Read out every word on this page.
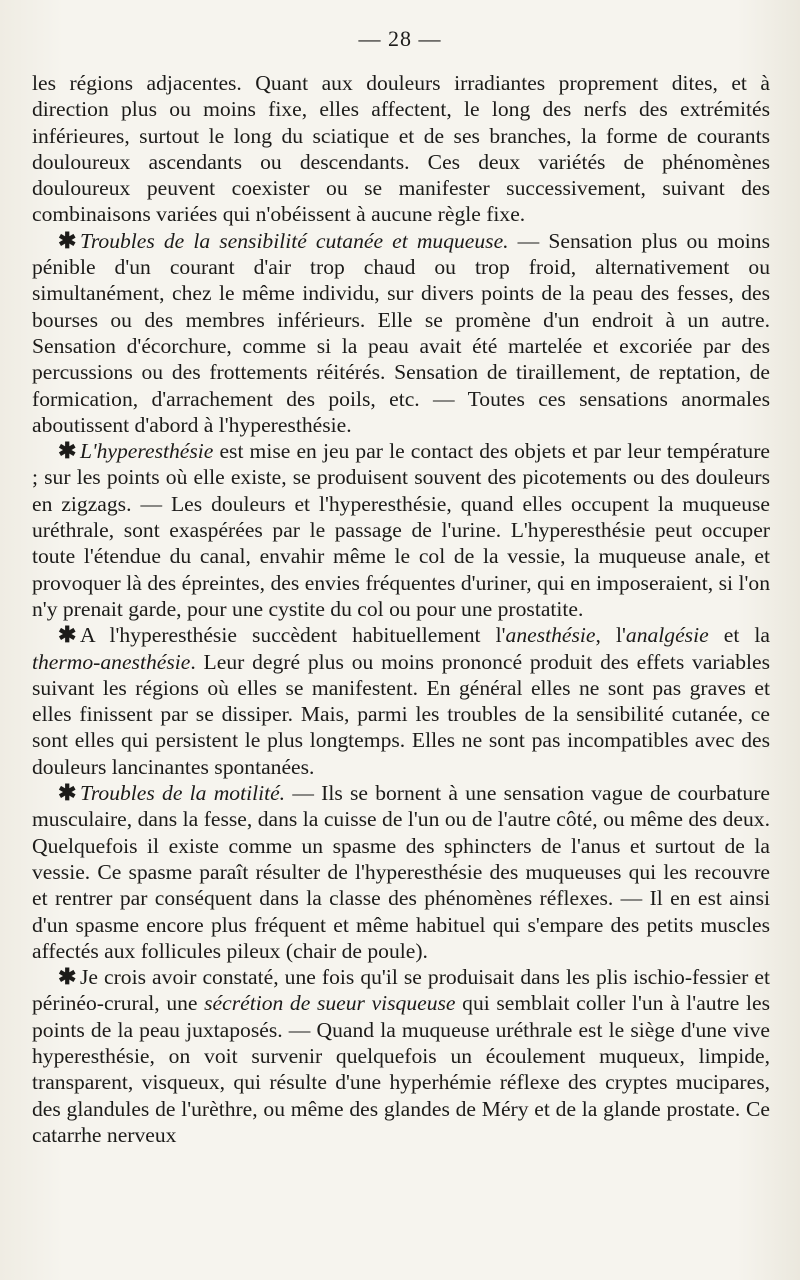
— 28 —

les régions adjacentes. Quant aux douleurs irradiantes proprement dites, et à direction plus ou moins fixe, elles affectent, le long des nerfs des extrémités inférieures, surtout le long du sciatique et de ses branches, la forme de courants douloureux ascendants ou descendants. Ces deux variétés de phénomènes douloureux peuvent coexister ou se manifester successivement, suivant des combinaisons variées qui n'obéissent à aucune règle fixe.

✱ Troubles de la sensibilité cutanée et muqueuse. — Sensation plus ou moins pénible d'un courant d'air trop chaud ou trop froid, alternativement ou simultanément, chez le même individu, sur divers points de la peau des fesses, des bourses ou des membres inférieurs. Elle se promène d'un endroit à un autre. Sensation d'écorchure, comme si la peau avait été martelée et excoriée par des percussions ou des frottements réitérés. Sensation de tiraillement, de reptation, de formication, d'arrachement des poils, etc. — Toutes ces sensations anormales aboutissent d'abord à l'hyperesthésie.

✱ L'hyperesthésie est mise en jeu par le contact des objets et par leur température ; sur les points où elle existe, se produisent souvent des picotements ou des douleurs en zigzags. — Les douleurs et l'hyperesthésie, quand elles occupent la muqueuse uréthrale, sont exaspérées par le passage de l'urine. L'hyperesthésie peut occuper toute l'étendue du canal, envahir même le col de la vessie, la muqueuse anale, et provoquer là des épreintes, des envies fréquentes d'uriner, qui en imposeraient, si l'on n'y prenait garde, pour une cystite du col ou pour une prostatite.

✱ A l'hyperesthésie succèdent habituellement l'anesthésie, l'analgésie et la thermo-anesthésie. Leur degré plus ou moins prononcé produit des effets variables suivant les régions où elles se manifestent. En général elles ne sont pas graves et elles finissent par se dissiper. Mais, parmi les troubles de la sensibilité cutanée, ce sont elles qui persistent le plus longtemps. Elles ne sont pas incompatibles avec des douleurs lancinantes spontanées.

✱ Troubles de la motilité. — Ils se bornent à une sensation vague de courbature musculaire, dans la fesse, dans la cuisse de l'un ou de l'autre côté, ou même des deux. Quelquefois il existe comme un spasme des sphincters de l'anus et surtout de la vessie. Ce spasme paraît résulter de l'hyperesthésie des muqueuses qui les recouvre et rentrer par conséquent dans la classe des phénomènes réflexes. — Il en est ainsi d'un spasme encore plus fréquent et même habituel qui s'empare des petits muscles affectés aux follicules pileux (chair de poule).

✱ Je crois avoir constaté, une fois qu'il se produisait dans les plis ischio-fessier et périnéo-crural, une sécrétion de sueur visqueuse qui semblait coller l'un à l'autre les points de la peau juxtaposés. — Quand la muqueuse uréthrale est le siège d'une vive hyperesthésie, on voit survenir quelquefois un écoulement muqueux, limpide, transparent, visqueux, qui résulte d'une hyperhémie réflexe des cryptes mucipares, des glandules de l'urèthre, ou même des glandes de Méry et de la glande prostate. Ce catarrhe nerveux
